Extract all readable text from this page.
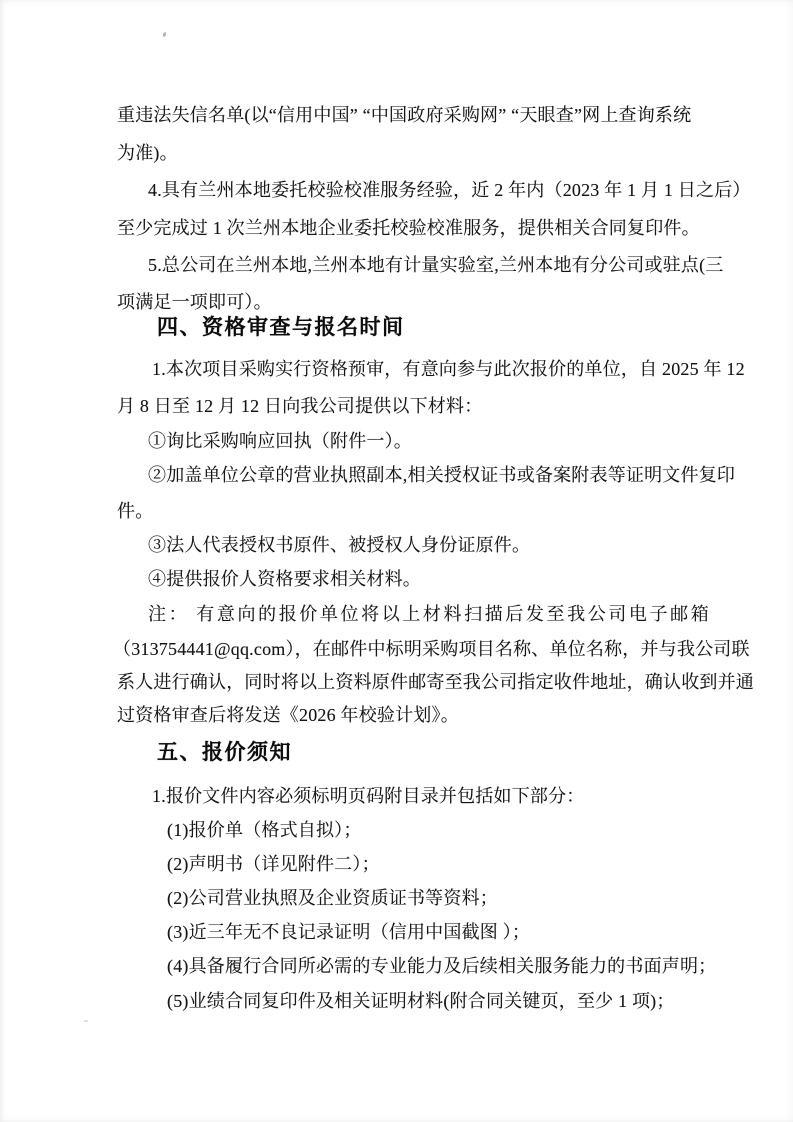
重违法失信名单(以“信用中国” “中国政府采购网” “天眼查”网上查询系统
为准)。
4.具有兰州本地委托校验校准服务经验，近 2 年内（2023 年 1 月 1 日之后）
至少完成过 1 次兰州本地企业委托校验校准服务，提供相关合同复印件。
5.总公司在兰州本地,兰州本地有计量实验室,兰州本地有分公司或驻点(三
项满足一项即可）。
四、资格审查与报名时间
1.本次项目采购实行资格预审，有意向参与此次报价的单位，自 2025 年 12
月 8 日至 12 月 12 日向我公司提供以下材料：
①询比采购响应回执（附件一）。
②加盖单位公章的营业执照副本,相关授权证书或备案附表等证明文件复印
件。
③法人代表授权书原件、被授权人身份证原件。
④提供报价人资格要求相关材料。
注： 有意向的报价单位将以上材料扫描后发至我公司电子邮箱
（313754441@qq.com），在邮件中标明采购项目名称、单位名称，并与我公司联
系人进行确认，同时将以上资料原件邮寄至我公司指定收件地址，确认收到并通
过资格审查后将发送《2026 年校验计划》。
五、报价须知
1.报价文件内容必须标明页码附目录并包括如下部分：
(1)报价单（格式自拟）；
(2)声明书（详见附件二）；
(2)公司营业执照及企业资质证书等资料；
(3)近三年无不良记录证明（信用中国截图 ）；
(4)具备履行合同所必需的专业能力及后续相关服务能力的书面声明；
(5)业绩合同复印件及相关证明材料(附合同关键页，至少 1 项)；
